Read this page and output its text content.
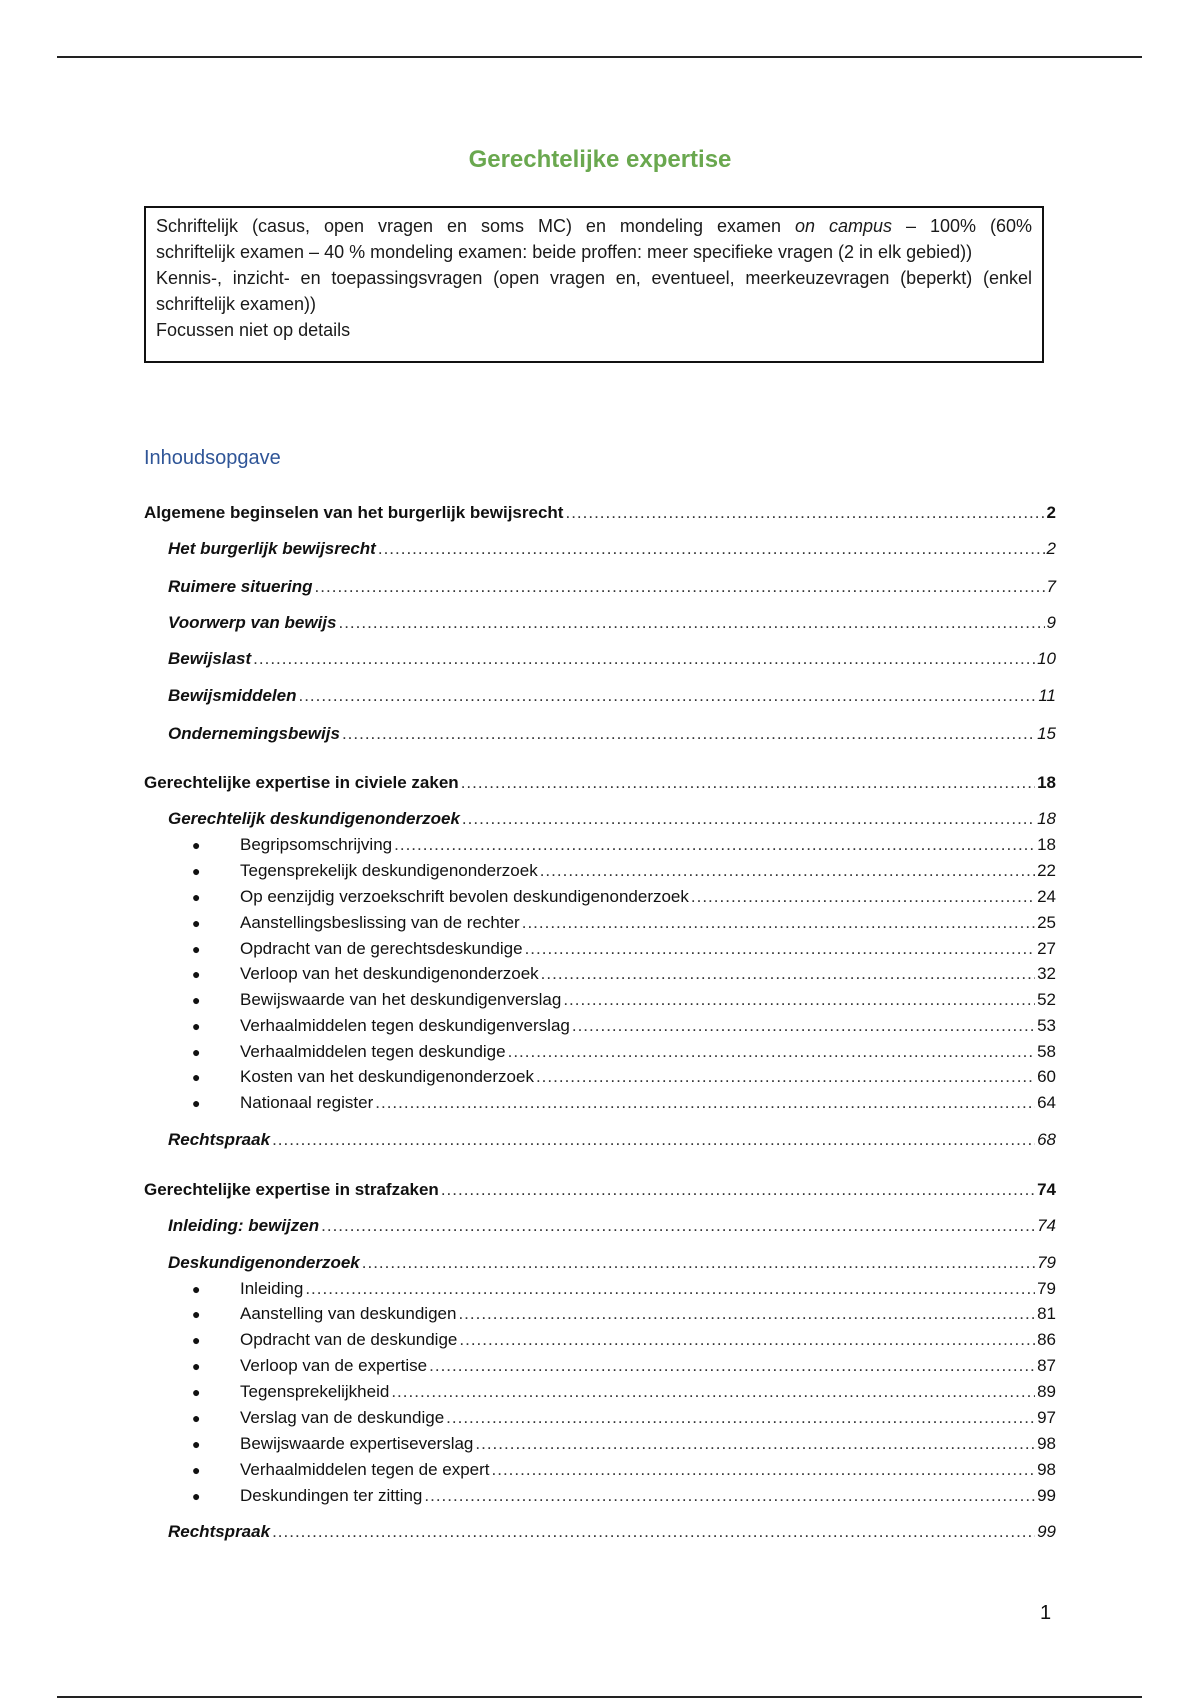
Gerechtelijke expertise
Schriftelijk (casus, open vragen en soms MC) en mondeling examen on campus – 100% (60%
schriftelijk examen – 40 % mondeling examen: beide proffen: meer specifieke vragen (2 in elk gebied))
Kennis-, inzicht- en toepassingsvragen (open vragen en, eventueel, meerkeuzevragen (beperkt) (enkel schriftelijk examen))
Focussen niet op details
Inhoudsopgave
Algemene beginselen van het burgerlijk bewijsrecht .....	2
Het burgerlijk bewijsrecht .....	2
Ruimere situering .....	7
Voorwerp van bewijs .....	9
Bewijslast .....	10
Bewijsmiddelen .....	11
Ondernemingsbewijs .....	15
Gerechtelijke expertise in civiele zaken .....	18
Gerechtelijk deskundigenonderzoek .....	18
●	Begripsomschrijving .....	18
●	Tegensprekelijk deskundigenonderzoek .....	22
●	Op eenzijdig verzoekschrift bevolen deskundigenonderzoek .....	24
●	Aanstellingsbeslissing van de rechter .....	25
●	Opdracht van de gerechtsdeskundige .....	27
●	Verloop van het deskundigenonderzoek .....	32
●	Bewijswaarde van het deskundigenverslag .....	52
●	Verhaalmiddelen tegen deskundigenverslag .....	53
●	Verhaalmiddelen tegen deskundige .....	58
●	Kosten van het deskundigenonderzoek .....	60
●	Nationaal register .....	64
Rechtspraak .....	68
Gerechtelijke expertise in strafzaken .....	74
Inleiding: bewijzen .....	74
Deskundigenonderzoek .....	79
●	Inleiding .....	79
●	Aanstelling van deskundigen .....	81
●	Opdracht van de deskundige .....	86
●	Verloop van de expertise .....	87
●	Tegensprekelijkheid .....	89
●	Verslag van de deskundige .....	97
●	Bewijswaarde expertiseverslag .....	98
●	Verhaalmiddelen tegen de expert .....	98
●	Deskundingen ter zitting .....	99
Rechtspraak .....	99
1
